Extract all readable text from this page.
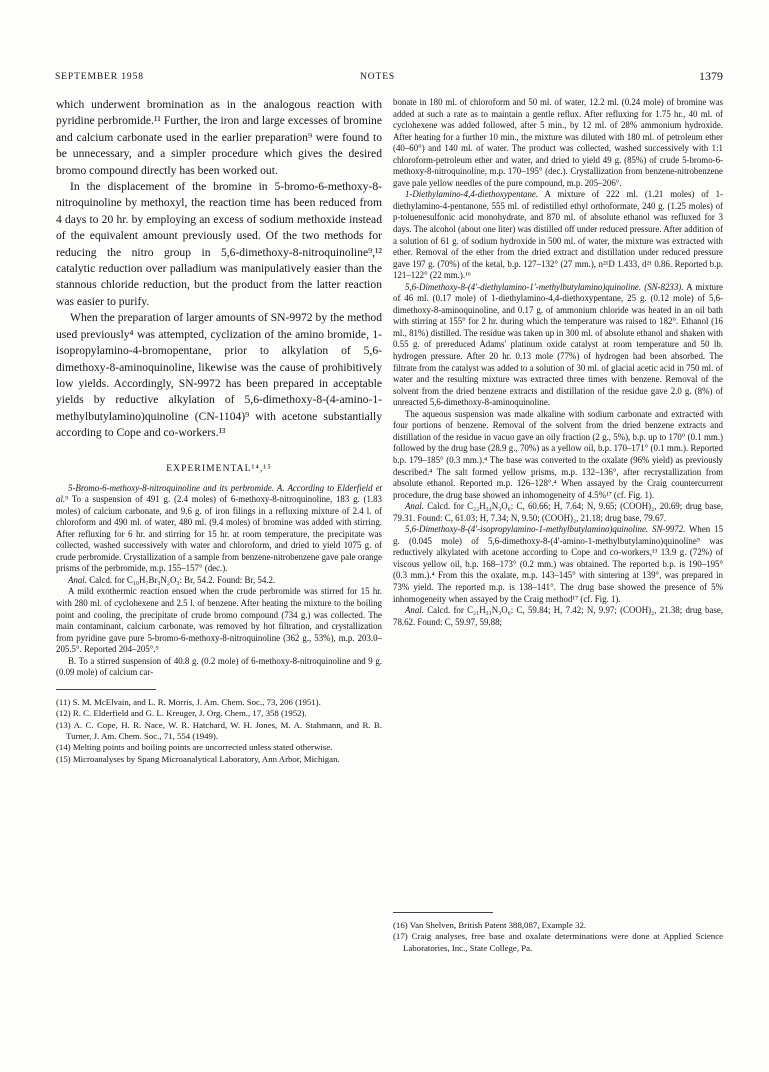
SEPTEMBER 1958	NOTES	1379

which underwent bromination as in the analogous reaction with pyridine perbromide.¹¹ Further, the iron and large excesses of bromine and calcium carbonate used in the earlier preparation⁹ were found to be unnecessary, and a simpler procedure which gives the desired bromo compound directly has been worked out.

In the displacement of the bromine in 5-bromo-6-methoxy-8-nitroquinoline by methoxyl, the reaction time has been reduced from 4 days to 20 hr. by employing an excess of sodium methoxide instead of the equivalent amount previously used. Of the two methods for reducing the nitro group in 5,6-dimethoxy-8-nitroquinoline⁹,¹² catalytic reduction over palladium was manipulatively easier than the stannous chloride reduction, but the product from the latter reaction was easier to purify.

When the preparation of larger amounts of SN-9972 by the method used previously⁴ was attempted, cyclization of the amino bromide, 1-isopropylamino-4-bromopentane, prior to alkylation of 5,6-dimethoxy-8-aminoquinoline, likewise was the cause of prohibitively low yields. Accordingly, SN-9972 has been prepared in acceptable yields by reductive alkylation of 5,6-dimethoxy-8-(4-amino-1-methylbutylamino)quinoline (CN-1104)⁹ with acetone substantially according to Cope and co-workers.¹³

EXPERIMENTAL¹⁴,¹⁵

5-Bromo-6-methoxy-8-nitroquinoline and its perbromide. A. According to Elderfield et al.⁹ To a suspension of 491 g. (2.4 moles) of 6-methoxy-8-nitroquinoline, 183 g. (1.83 moles) of calcium carbonate, and 9.6 g. of iron filings in a refluxing mixture of 2.4 l. of chloroform and 490 ml. of water, 480 ml. (9.4 moles) of bromine was added with stirring. After refluxing for 6 hr. and stirring for 15 hr. at room temperature, the precipitate was collected, washed successively with water and chloroform, and dried to yield 1075 g. of crude perbromide. Crystallization of a sample from benzene-nitrobenzene gave pale orange prisms of the perbromide, m.p. 155–157° (dec.).

Anal. Calcd. for C₁₀H₇Br₃N₂O₃: Br, 54.2. Found: Br, 54.2.

A mild exothermic reaction ensued when the crude perbromide was stirred for 15 hr. with 280 ml. of cyclohexene and 2.5 l. of benzene. After heating the mixture to the boiling point and cooling, the precipitate of crude bromo compound (734 g.) was collected. The main contaminant, calcium carbonate, was removed by hot filtration, and crystallization from pyridine gave pure 5-bromo-6-methoxy-8-nitroquinoline (362 g., 53%), m.p. 203.0–205.5°. Reported 204–205°.⁹

B. To a stirred suspension of 40.8 g. (0.2 mole) of 6-methoxy-8-nitroquinoline and 9 g. (0.09 mole) of calcium car-

(11) S. M. McElvain, and L. R. Morris, J. Am. Chem. Soc., 73, 206 (1951).

(12) R. C. Elderfield and G. L. Kreuger, J. Org. Chem., 17, 358 (1952).

(13) A. C. Cope, H. R. Nace, W. R. Hatchard, W. H. Jones, M. A. Stahmann, and R. B. Turner, J. Am. Chem. Soc., 71, 554 (1949).

(14) Melting points and boiling points are uncorrected unless stated otherwise.

(15) Microanalyses by Spang Microanalytical Laboratory, Ann Arbor, Michigan.

bonate in 180 ml. of chloroform and 50 ml. of water, 12.2 ml. (0.24 mole) of bromine was added at such a rate as to maintain a gentle reflux. After refluxing for 1.75 hr., 40 ml. of cyclohexene was added followed, after 5 min., by 12 ml. of 28% ammonium hydroxide. After heating for a further 10 min., the mixture was diluted with 180 ml. of petroleum ether (40–60°) and 140 ml. of water. The product was collected, washed successively with 1:1 chloroform-petroleum ether and water, and dried to yield 49 g. (85%) of crude 5-bromo-6-methoxy-8-nitroquinoline, m.p. 170–195° (dec.). Crystallization from benzene-nitrobenzene gave pale yellow needles of the pure compound, m.p. 205–206°.

1-Diethylamino-4,4-diethoxypentane. A mixture of 222 ml. (1.21 moles) of 1-diethylamino-4-pentanone, 555 ml. of redistilled ethyl orthoformate, 240 g. (1.25 moles) of p-toluenesulfonic acid monohydrate, and 870 ml. of absolute ethanol was refluxed for 3 days. The alcohol (about one liter) was distilled off under reduced pressure. After addition of a solution of 61 g. of sodium hydroxide in 500 ml. of water, the mixture was extracted with ether. Removal of the ether from the dried extract and distillation under reduced pressure gave 197 g. (70%) of the ketal, b.p. 127–132° (27 mm.), n²¹D 1.433, d²¹ 0.86. Reported b.p. 121–122° (22 mm.).¹⁶

5,6-Dimethoxy-8-(4′-diethylamino-1′-methylbutylamino)quinoline. (SN-8233). A mixture of 46 ml. (0.17 mole) of 1-diethylamino-4,4-diethoxypentane, 25 g. (0.12 mole) of 5,6-dimethoxy-8-aminoquinoline, and 0.17 g. of ammonium chloride was heated in an oil bath with stirring at 155° for 2 hr. during which the temperature was raised to 182°. Ethanol (16 ml., 81%) distilled. The residue was taken up in 300 ml. of absolute ethanol and shaken with 0.55 g. of prereduced Adams' platinum oxide catalyst at room temperature and 50 lb. hydrogen pressure. After 20 hr. 0.13 mole (77%) of hydrogen had been absorbed. The filtrate from the catalyst was added to a solution of 30 ml. of glacial acetic acid in 750 ml. of water and the resulting mixture was extracted three times with benzene. Removal of the solvent from the dried benzene extracts and distillation of the residue gave 2.0 g. (8%) of unreacted 5,6-dimethoxy-8-aminoquinoline.

The aqueous suspension was made alkaline with sodium carbonate and extracted with four portions of benzene. Removal of the solvent from the dried benzene extracts and distillation of the residue in vacuo gave an oily fraction (2 g., 5%), b.p. up to 170° (0.1 mm.) followed by the drug base (28.9 g., 70%) as a yellow oil, b.p. 170–171° (0.1 mm.). Reported b.p. 179–185° (0.3 mm.).⁴ The base was converted to the oxalate (96% yield) as previously described.⁴ The salt formed yellow prisms, m.p. 132–136°, after recrystallization from absolute ethanol. Reported m.p. 126–128°.⁴ When assayed by the Craig countercurrent procedure, the drug base showed an inhomogeneity of 4.5%¹⁷ (cf. Fig. 1).

Anal. Calcd. for C₂₂H₃₄N₃O₆: C, 60.66; H, 7.64; N, 9.65; (COOH)₂, 20.69; drug base, 79.31. Found: C, 61.03; H, 7.34; N, 9.50; (COOH)₂, 21.18; drug base, 79.67.

5,6-Dimethoxy-8-(4′-isopropylamino-1-methylbutylamino)quinoline. SN-9972. When 15 g. (0.045 mole) of 5,6-dimethoxy-8-(4′-amino-1-methylbutylamino)quinoline⁹ was reductively alkylated with acetone according to Cope and co-workers,¹³ 13.9 g. (72%) of viscous yellow oil, b.p. 168–173° (0.2 mm.) was obtained. The reported b.p. is 190–195° (0.3 mm.).⁴ From this the oxalate, m.p. 143–145° with sintering at 139°, was prepared in 73% yield. The reported m.p. is 138–141°. The drug base showed the presence of 5% inhomogeneity when assayed by the Craig method¹⁷ (cf. Fig. 1).

Anal. Calcd. for C₂₁H₃₁N₃O₆: C, 59.84; H, 7.42; N, 9.97; (COOH)₂, 21.38; drug base, 78.62. Found: C, 59.97, 59.88;

(16) Van Shelven, British Patent 388,087, Example 32.

(17) Craig analyses, free base and oxalate determinations were done at Applied Science Laboratories, Inc., State College, Pa.
